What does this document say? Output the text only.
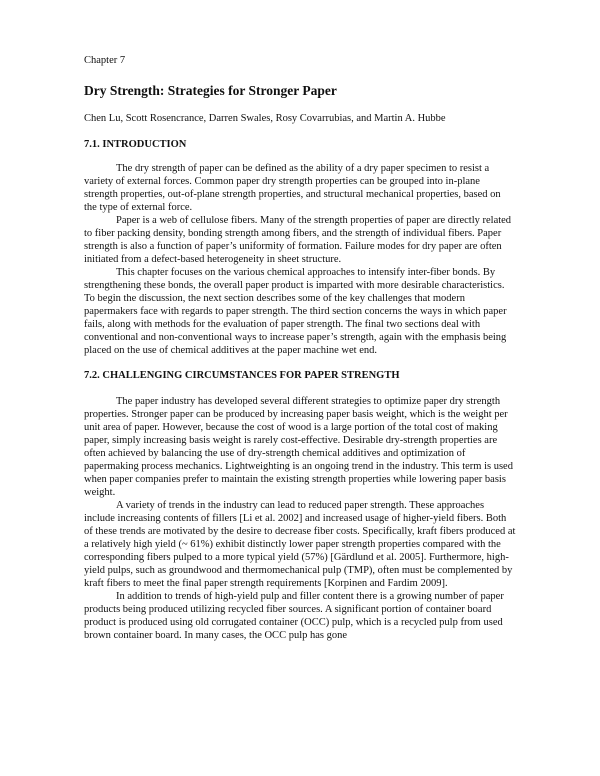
Chapter 7

Dry Strength: Strategies for Stronger Paper

Chen Lu, Scott Rosencrance, Darren Swales, Rosy Covarrubias, and Martin A. Hubbe

7.1. INTRODUCTION

The dry strength of paper can be defined as the ability of a dry paper specimen to resist a variety of external forces. Common paper dry strength properties can be grouped into in-plane strength properties, out-of-plane strength properties, and structural mechanical properties, based on the type of external force.

Paper is a web of cellulose fibers. Many of the strength properties of paper are directly related to fiber packing density, bonding strength among fibers, and the strength of individual fibers. Paper strength is also a function of paper’s uniformity of formation. Failure modes for dry paper are often initiated from a defect-based heterogeneity in sheet structure.

This chapter focuses on the various chemical approaches to intensify inter-fiber bonds. By strengthening these bonds, the overall paper product is imparted with more desirable characteristics. To begin the discussion, the next section describes some of the key challenges that modern papermakers face with regards to paper strength. The third section concerns the ways in which paper fails, along with methods for the evaluation of paper strength. The final two sections deal with conventional and non-conventional ways to increase paper’s strength, again with the emphasis being placed on the use of chemical additives at the paper machine wet end.

7.2. CHALLENGING CIRCUMSTANCES FOR PAPER STRENGTH

The paper industry has developed several different strategies to optimize paper dry strength properties. Stronger paper can be produced by increasing paper basis weight, which is the weight per unit area of paper. However, because the cost of wood is a large portion of the total cost of making paper, simply increasing basis weight is rarely cost-effective. Desirable dry-strength properties are often achieved by balancing the use of dry-strength chemical additives and optimization of papermaking process mechanics. Lightweighting is an ongoing trend in the industry. This term is used when paper companies prefer to maintain the existing strength properties while lowering paper basis weight.

A variety of trends in the industry can lead to reduced paper strength. These approaches include increasing contents of fillers [Li et al. 2002] and increased usage of higher-yield fibers. Both of these trends are motivated by the desire to decrease fiber costs. Specifically, kraft fibers produced at a relatively high yield (~ 61%) exhibit distinctly lower paper strength properties compared with the corresponding fibers pulped to a more typical yield (57%) [Gärdlund et al. 2005]. Furthermore, high-yield pulps, such as groundwood and thermomechanical pulp (TMP), often must be complemented by kraft fibers to meet the final paper strength requirements [Korpinen and Fardim 2009].

In addition to trends of high-yield pulp and filler content there is a growing number of paper products being produced utilizing recycled fiber sources. A significant portion of container board product is produced using old corrugated container (OCC) pulp, which is a recycled pulp from used brown container board. In many cases, the OCC pulp has gone
